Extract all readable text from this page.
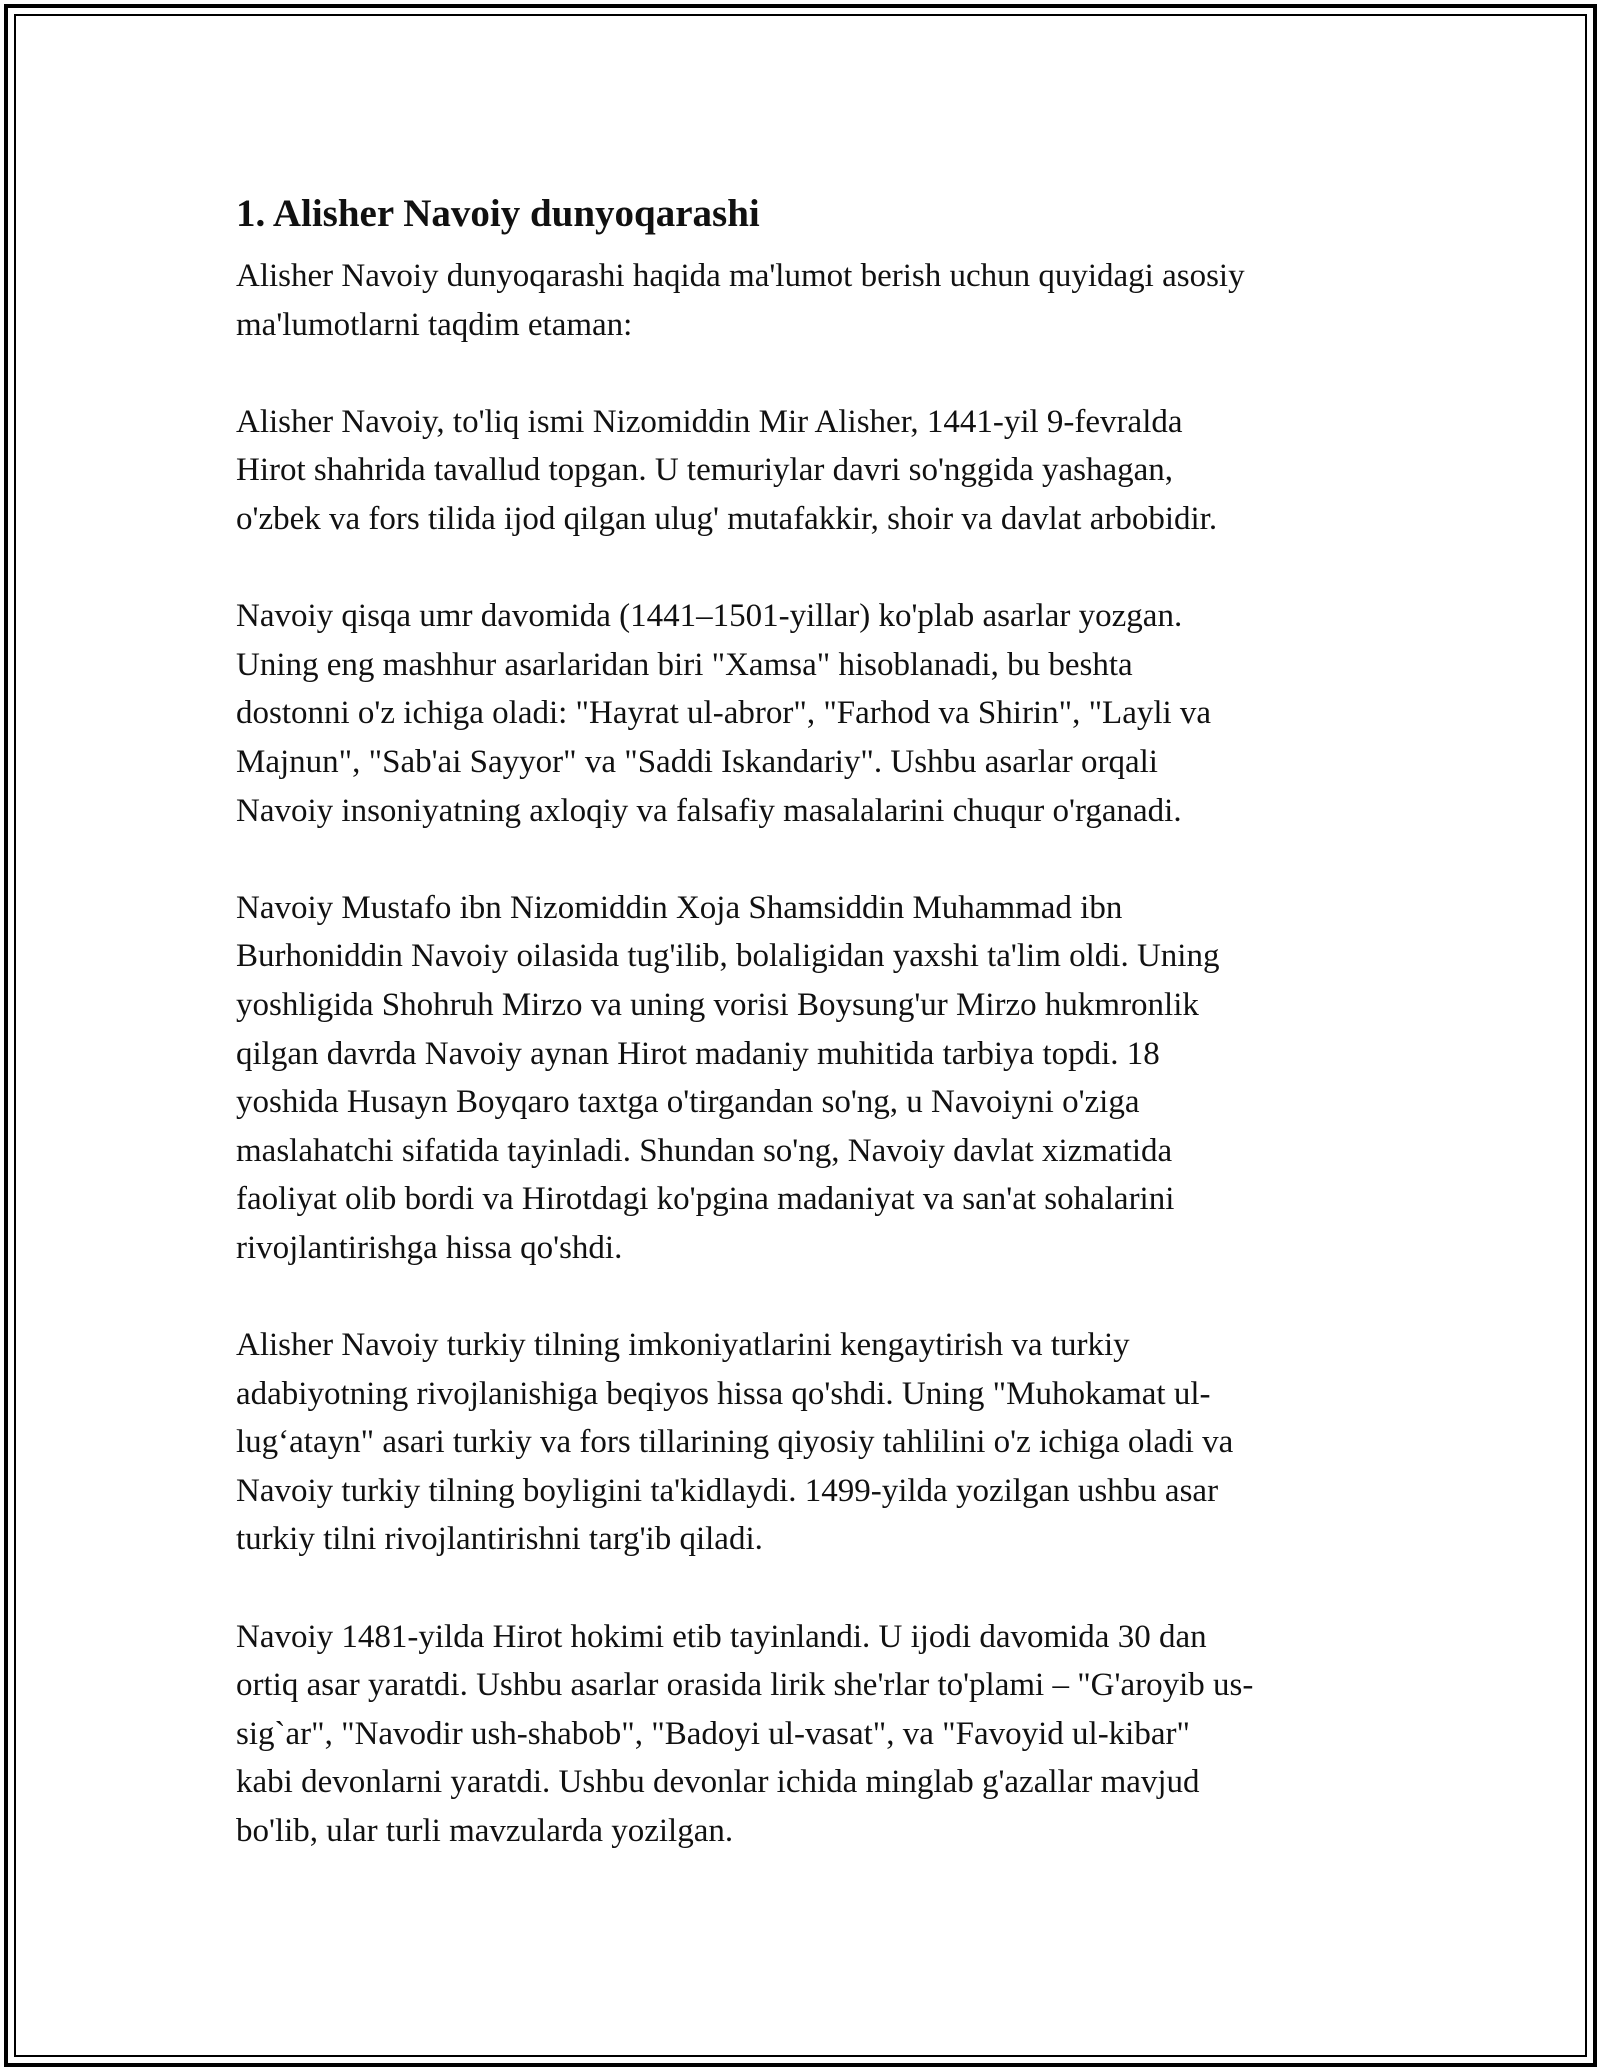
1. Alisher Navoiy dunyoqarashi

Alisher Navoiy dunyoqarashi haqida ma'lumot berish uchun quyidagi asosiy
ma'lumotlarni taqdim etaman:

Alisher Navoiy, to'liq ismi Nizomiddin Mir Alisher, 1441-yil 9-fevralda
Hirot shahrida tavallud topgan. U temuriylar davri so'nggida yashagan,
o'zbek va fors tilida ijod qilgan ulug' mutafakkir, shoir va davlat arbobidir.

Navoiy qisqa umr davomida (1441–1501-yillar) ko'plab asarlar yozgan.
Uning eng mashhur asarlaridan biri "Xamsa" hisoblanadi, bu beshta
dostonni o'z ichiga oladi: "Hayrat ul-abror", "Farhod va Shirin", "Layli va
Majnun", "Sab'ai Sayyor" va "Saddi Iskandariy". Ushbu asarlar orqali
Navoiy insoniyatning axloqiy va falsafiy masalalarini chuqur o'rganadi.

Navoiy Mustafo ibn Nizomiddin Xoja Shamsiddin Muhammad ibn
Burhoniddin Navoiy oilasida tug'ilib, bolaligidan yaxshi ta'lim oldi. Uning
yoshligida Shohruh Mirzo va uning vorisi Boysung'ur Mirzo hukmronlik
qilgan davrda Navoiy aynan Hirot madaniy muhitida tarbiya topdi. 18
yoshida Husayn Boyqaro taxtga o'tirgandan so'ng, u Navoiyni o'ziga
maslahatchi sifatida tayinladi. Shundan so'ng, Navoiy davlat xizmatida
faoliyat olib bordi va Hirotdagi ko'pgina madaniyat va san'at sohalarini
rivojlantirishga hissa qo'shdi.

Alisher Navoiy turkiy tilning imkoniyatlarini kengaytirish va turkiy
adabiyotning rivojlanishiga beqiyos hissa qo'shdi. Uning "Muhokamat ul-
lug‘atayn" asari turkiy va fors tillarining qiyosiy tahlilini o'z ichiga oladi va
Navoiy turkiy tilning boyligini ta'kidlaydi. 1499-yilda yozilgan ushbu asar
turkiy tilni rivojlantirishni targ'ib qiladi.

Navoiy 1481-yilda Hirot hokimi etib tayinlandi. U ijodi davomida 30 dan
ortiq asar yaratdi. Ushbu asarlar orasida lirik she'rlar to'plami – "G'aroyib us-
sig`ar", "Navodir ush-shabob", "Badoyi ul-vasat", va "Favoyid ul-kibar"
kabi devonlarni yaratdi. Ushbu devonlar ichida minglab g'azallar mavjud
bo'lib, ular turli mavzularda yozilgan.
